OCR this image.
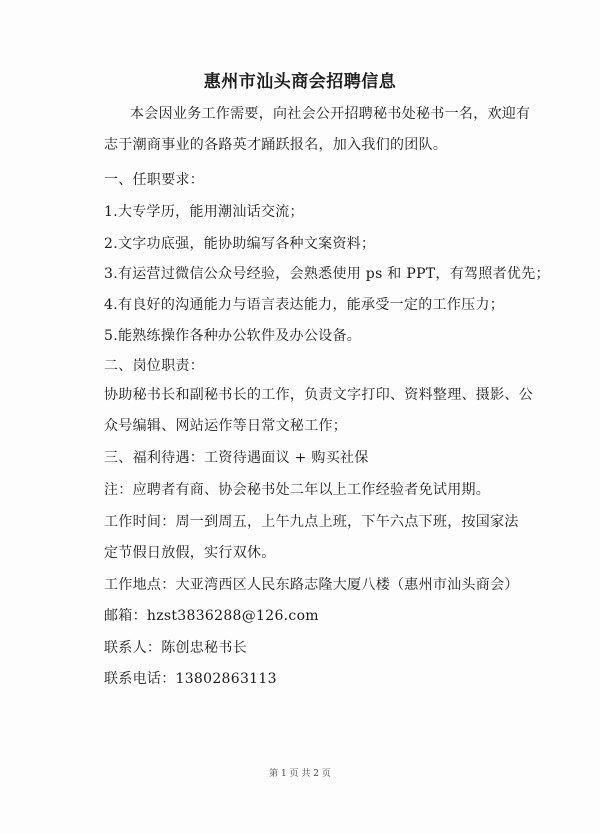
惠州市汕头商会招聘信息
本会因业务工作需要，向社会公开招聘秘书处秘书一名，欢迎有
志于潮商事业的各路英才踊跃报名，加入我们的团队。
一、任职要求：
1.大专学历，能用潮汕话交流；
2.文字功底强，能协助编写各种文案资料；
3.有运营过微信公众号经验，会熟悉使用 ps 和 PPT，有驾照者优先；
4.有良好的沟通能力与语言表达能力，能承受一定的工作压力；
5.能熟练操作各种办公软件及办公设备。
二、岗位职责：
协助秘书长和副秘书长的工作，负责文字打印、资料整理、摄影、公
众号编辑、网站运作等日常文秘工作；
三、福利待遇：工资待遇面议 + 购买社保
注：应聘者有商、协会秘书处二年以上工作经验者免试用期。
工作时间：周一到周五，上午九点上班，下午六点下班，按国家法
定节假日放假，实行双休。
工作地点：大亚湾西区人民东路志隆大厦八楼（惠州市汕头商会）
邮箱：hzst3836288@126.com
联系人：陈创忠秘书长
联系电话：13802863113
第 1 页 共 2 页
